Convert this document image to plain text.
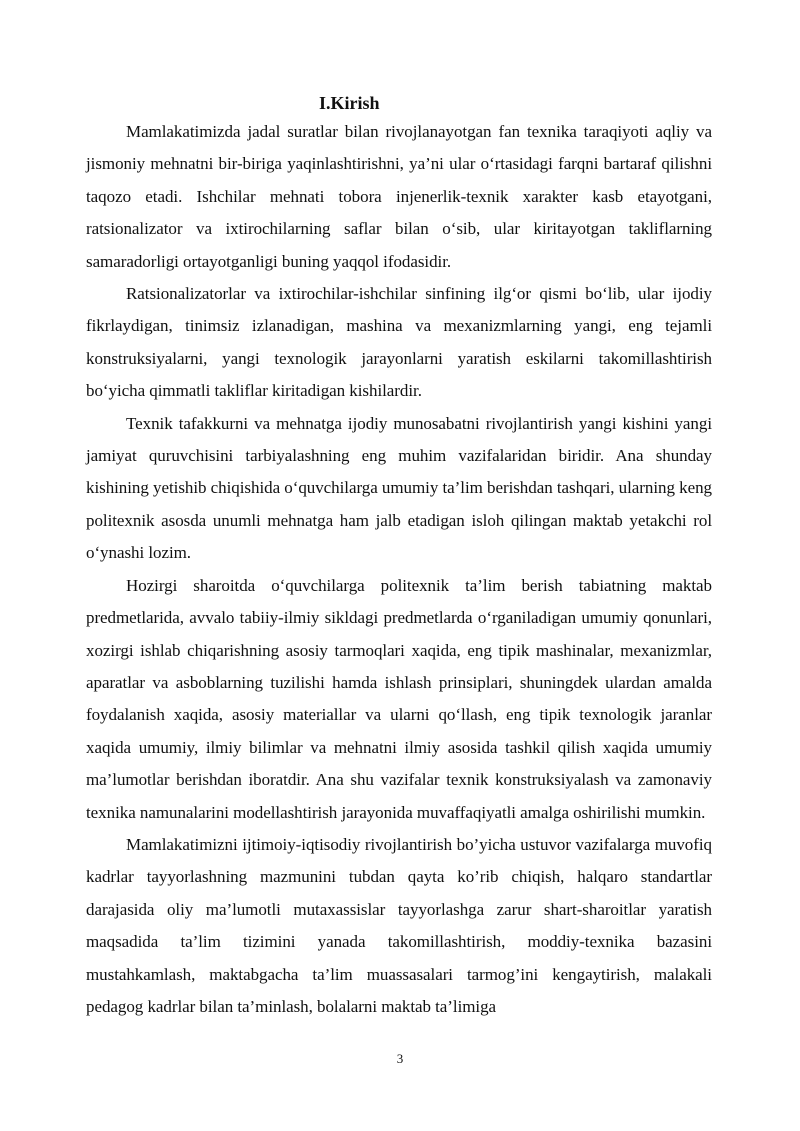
I.Kirish

Mamlakatimizda jadal suratlar bilan rivojlanayotgan fan texnika taraqiyoti aqliy va jismoniy mehnatni bir-biriga yaqinlashtirishni, ya’ni ular o‘rtasidagi farqni bartaraf qilishni taqozo etadi. Ishchilar mehnati tobora injenerlik-texnik xarakter kasb etayotgani, ratsionalizator va ixtirochilarning saflar bilan o‘sib, ular kiritayotgan takliflarning samaradorligi ortayotganligi buning yaqqol ifodasidir.

Ratsionalizatorlar va ixtirochilar-ishchilar sinfining ilg‘or qismi bo‘lib, ular ijodiy fikrlaydigan, tinimsiz izlanadigan, mashina va mexanizmlarning yangi, eng tejamli konstruksiyalarni, yangi texnologik jarayonlarni yaratish eskilarni takomillashtirish bo‘yicha qimmatli takliflar kiritadigan kishilardir.

Texnik tafakkurni va mehnatga ijodiy munosabatni rivojlantirish yangi kishini yangi jamiyat quruvchisini tarbiyalashning eng muhim vazifalaridan biridir. Ana shunday kishining yetishib chiqishida o‘quvchilarga umumiy ta’lim berishdan tashqari, ularning keng politexnik asosda unumli mehnatga ham jalb etadigan isloh qilingan maktab yetakchi rol o‘ynashi lozim.

Hozirgi sharoitda o‘quvchilarga politexnik ta’lim berish tabiatning maktab predmetlarida, avvalo tabiiy-ilmiy sikldagi predmetlarda o‘rganiladigan umumiy qonunlari, xozirgi ishlab chiqarishning asosiy tarmoqlari xaqida, eng tipik mashinalar, mexanizmlar, aparatlar va asboblarning tuzilishi hamda ishlash prinsiplari, shuningdek ulardan amalda foydalanish xaqida, asosiy materiallar va ularni qo‘llash, eng tipik texnologik jaranlar xaqida umumiy, ilmiy bilimlar va mehnatni ilmiy asosida tashkil qilish xaqida umumiy ma’lumotlar berishdan iboratdir. Ana shu vazifalar texnik konstruksiyalash va zamonaviy texnika namunalarini modellashtirish jarayonida muvaffaqiyatli amalga oshirilishi mumkin.

Mamlakatimizni ijtimoiy-iqtisodiy rivojlantirish bo’yicha ustuvor vazifalarga muvofiq kadrlar tayyorlashning mazmunini tubdan qayta ko’rib chiqish, halqaro standartlar darajasida oliy ma’lumotli mutaxassislar tayyorlashga zarur shart-sharoitlar yaratish maqsadida ta’lim tizimini yanada takomillashtirish, moddiy-texnika bazasini mustahkamlash, maktabgacha ta’lim muassasalari tarmog’ini kengaytirish, malakali pedagog kadrlar bilan ta’minlash, bolalarni maktab ta’limiga

3
